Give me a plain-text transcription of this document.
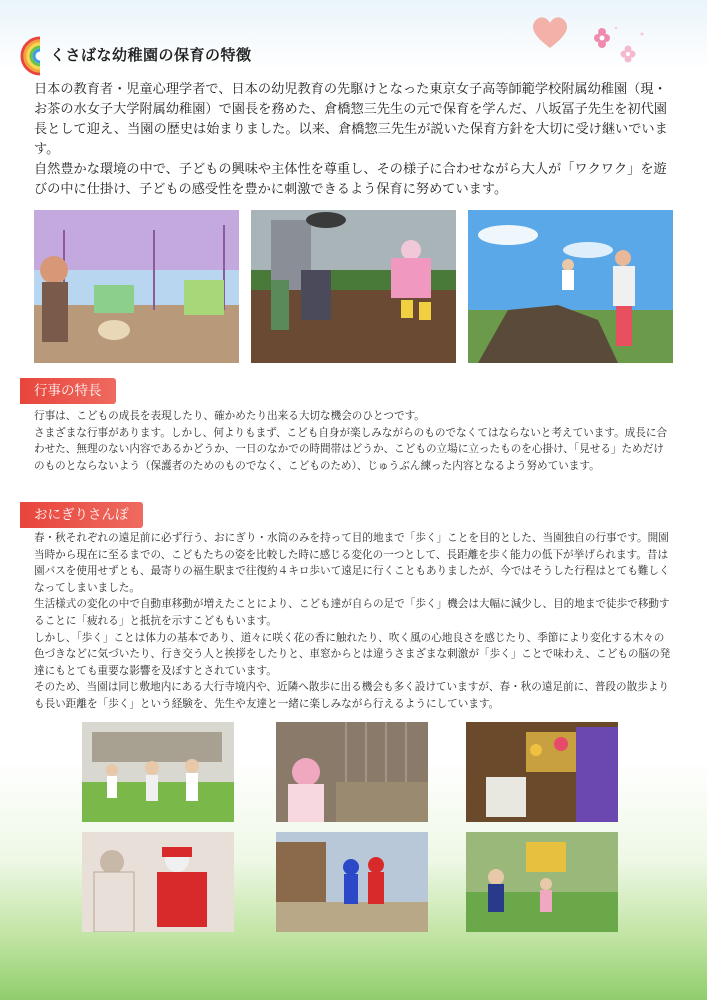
くさばな幼稚園の保育の特徴

日本の教育者・児童心理学者で、日本の幼児教育の先駆けとなった東京女子高等師範学校附属幼稚園（現・お茶の水女子大学附属幼稚園）で園長を務めた、倉橋惣三先生の元で保育を学んだ、八坂冨子先生を初代園長として迎え、当園の歴史は始まりました。以来、倉橋惣三先生が説いた保育方針を大切に受け継いでいます。

自然豊かな環境の中で、子どもの興味や主体性を尊重し、その様子に合わせながら大人が「ワクワク」を遊びの中に仕掛け、子どもの感受性を豊かに刺激できるよう保育に努めています。

行事の特長

行事は、こどもの成長を表現したり、確かめたり出来る大切な機会のひとつです。

さまざまな行事があります。しかし、何よりもまず、こども自身が楽しみながらのものでなくてはならないと考えています。成長に合わせた、無理のない内容であるかどうか、一日のなかでの時間帯はどうか、こどもの立場に立ったものを心掛け、「見せる」ためだけのものとならないよう（保護者のためのものでなく、こどものため）、じゅうぶん練った内容となるよう努めています。

おにぎりさんぽ

春・秋それぞれの遠足前に必ず行う、おにぎり・水筒のみを持って目的地まで「歩く」ことを目的とした、当園独自の行事です。開園当時から現在に至るまでの、こどもたちの姿を比較した時に感じる変化の一つとして、長距離を歩く能力の低下が挙げられます。昔は園バスを使用せずとも、最寄りの福生駅まで往復約４キロ歩いて遠足に行くこともありましたが、今ではそうした行程はとても難しくなってしまいました。

生活様式の変化の中で自動車移動が増えたことにより、こども達が自らの足で「歩く」機会は大幅に減少し、目的地まで徒歩で移動することに「疲れる」と抵抗を示すこどももいます。

しかし、「歩く」ことは体力の基本であり、道々に咲く花の香に触れたり、吹く風の心地良さを感じたり、季節により変化する木々の色づきなどに気づいたり、行き交う人と挨拶をしたりと、車窓からとは違うさまざまな刺激が「歩く」ことで味わえ、こどもの脳の発達にもとても重要な影響を及ぼすとされています。

そのため、当園は同じ敷地内にある大行寺境内や、近隣へ散歩に出る機会も多く設けていますが、春・秋の遠足前に、普段の散歩よりも長い距離を「歩く」という経験を、先生や友達と一緒に楽しみながら行えるようにしています。
